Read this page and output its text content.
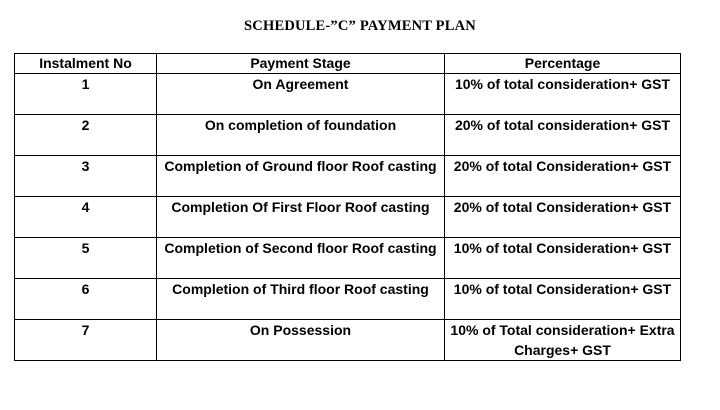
SCHEDULE-”C” PAYMENT PLAN
Instalment No	Payment Stage	Percentage
1	On Agreement	10% of total consideration+ GST
2	On completion of foundation	20% of total consideration+ GST
3	Completion of Ground floor Roof casting	20% of total Consideration+ GST
4	Completion Of First Floor Roof casting	20% of total Consideration+ GST
5	Completion of Second floor Roof casting	10% of total Consideration+ GST
6	Completion of Third floor Roof casting	10% of total Consideration+ GST
7	On Possession	10% of Total consideration+ Extra Charges+ GST
